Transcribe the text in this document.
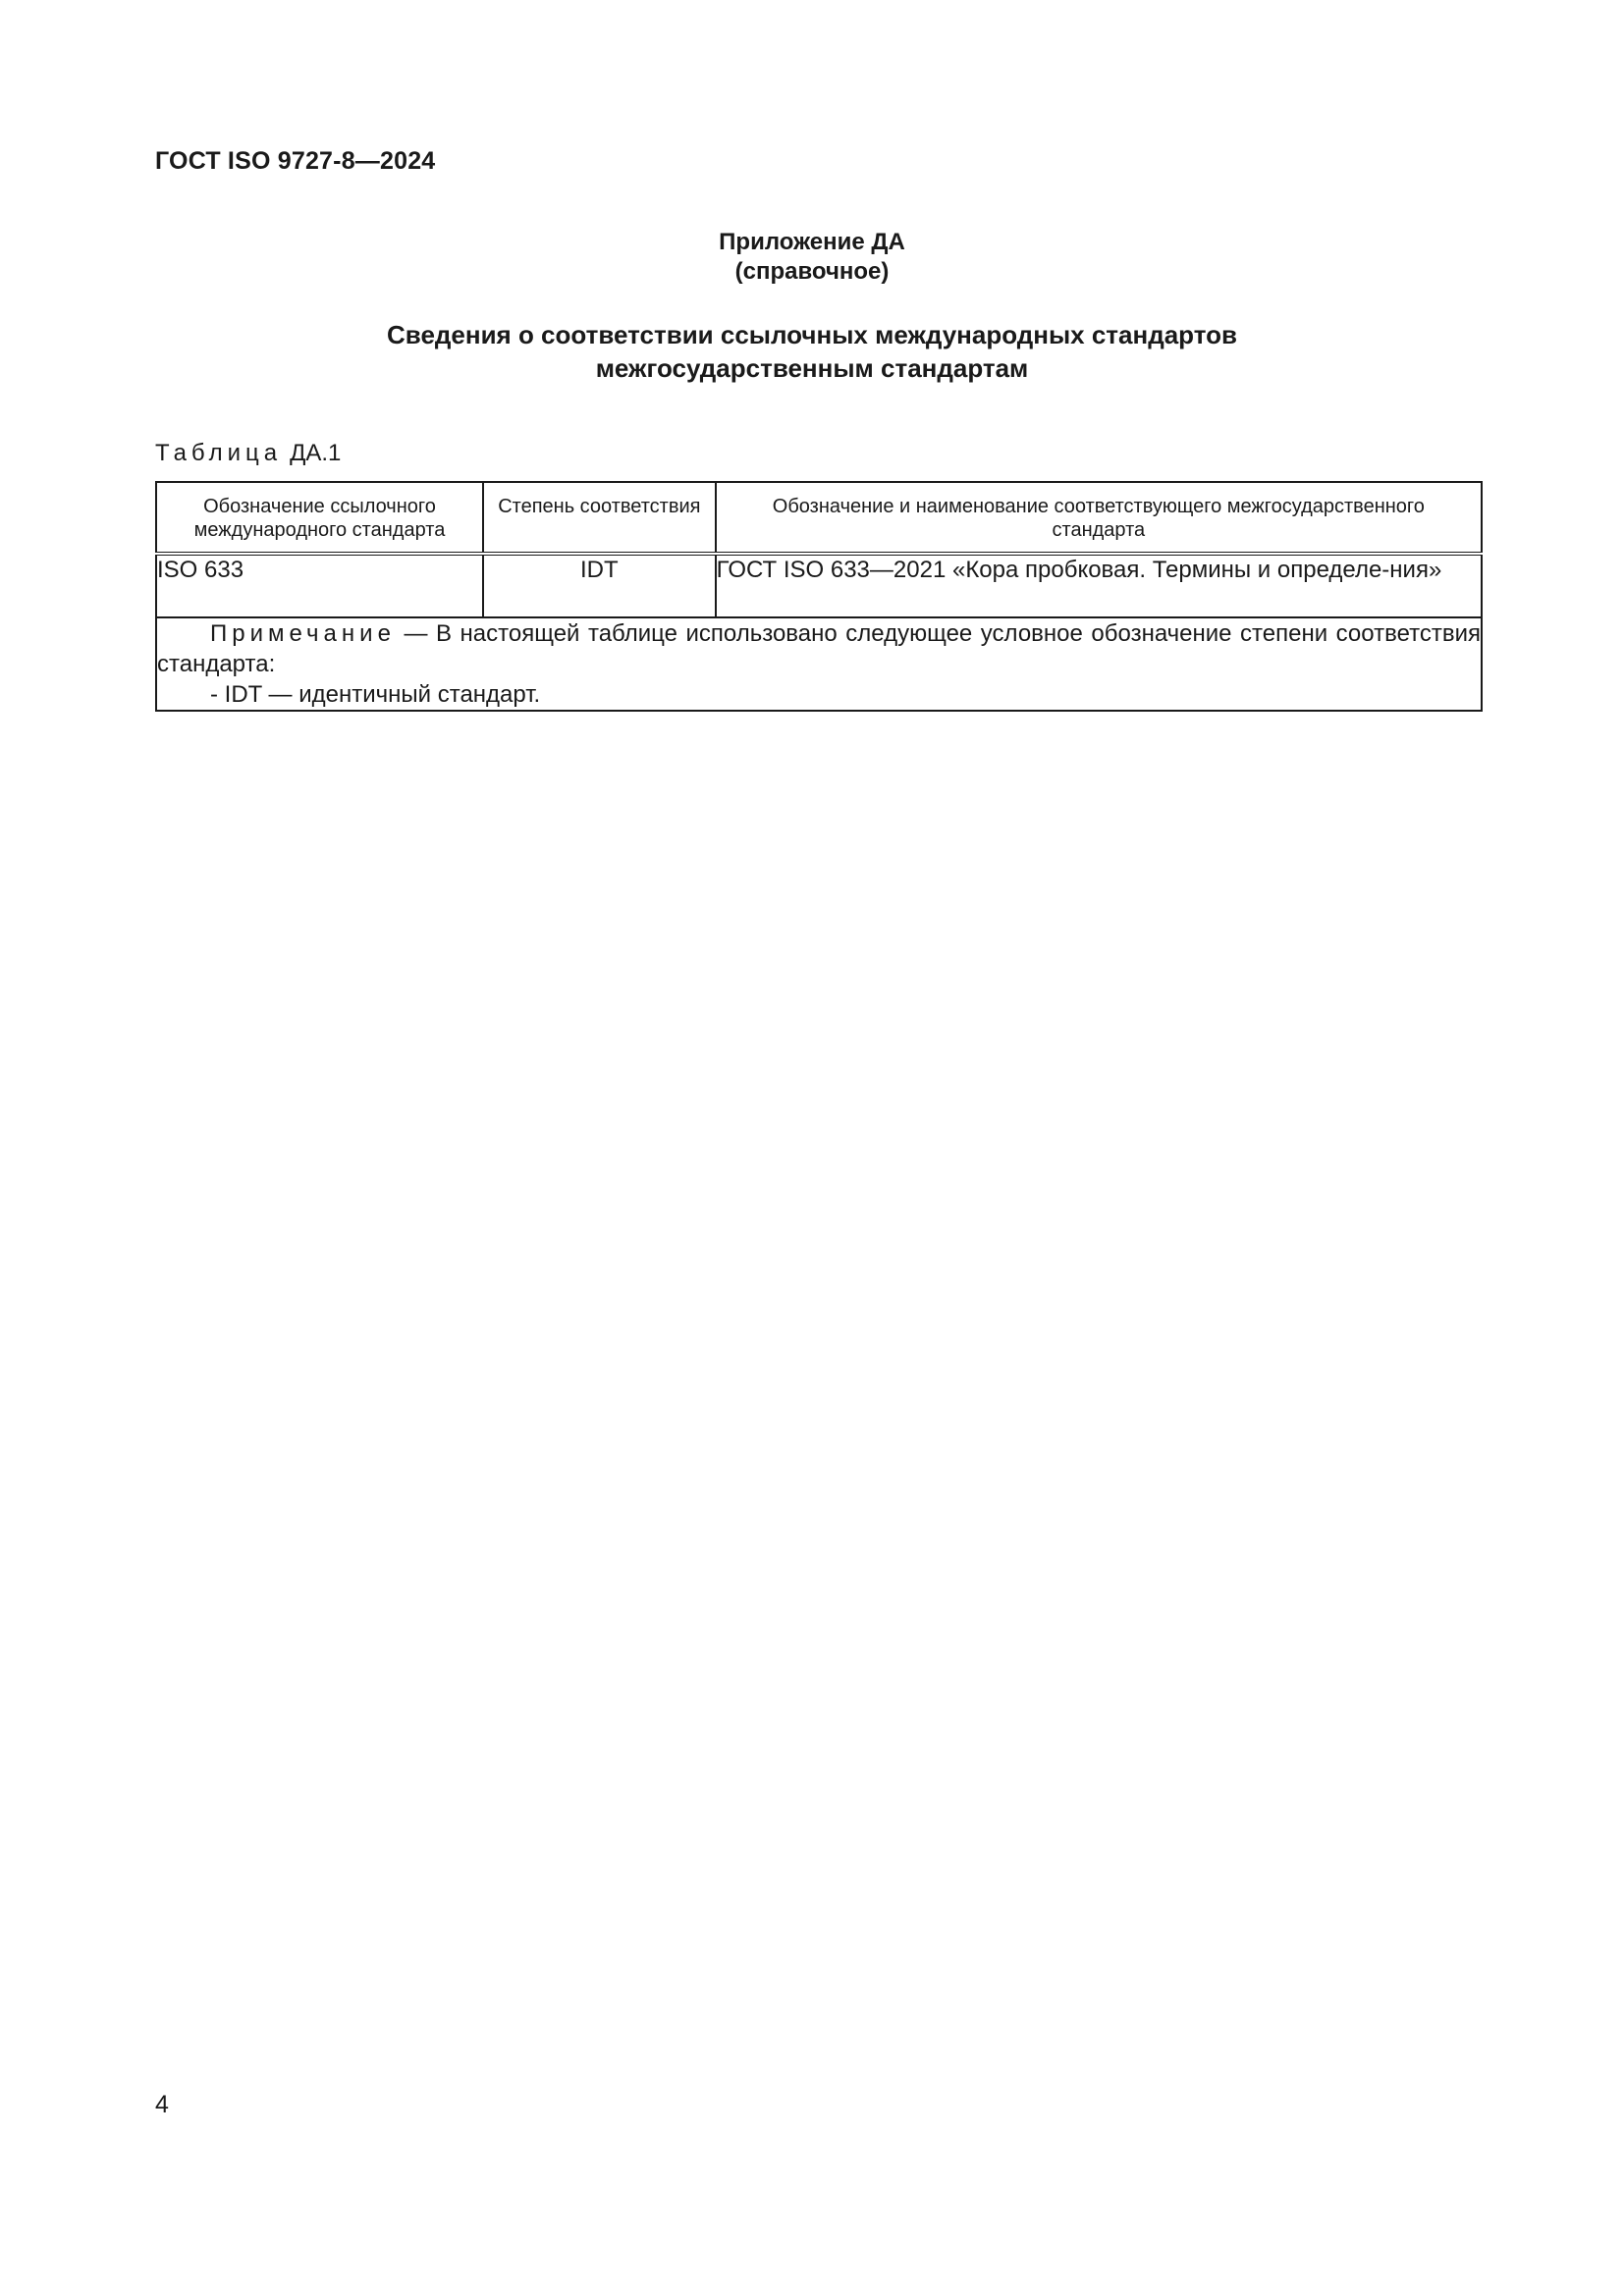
ГОСТ ISO 9727-8—2024
Приложение ДА
(справочное)
Сведения о соответствии ссылочных международных стандартов
межгосударственным стандартам
Таблица ДА.1
Обозначение ссылочного международного стандарта	Степень соответствия	Обозначение и наименование соответствующего межгосударственного стандарта
ISO 633	IDT	ГОСТ ISO 633—2021 «Кора пробковая. Термины и определе-ния»

Примечание — В настоящей таблице использовано следующее условное обозначение степени соответствия стандарта:
- IDT — идентичный стандарт.		
4
